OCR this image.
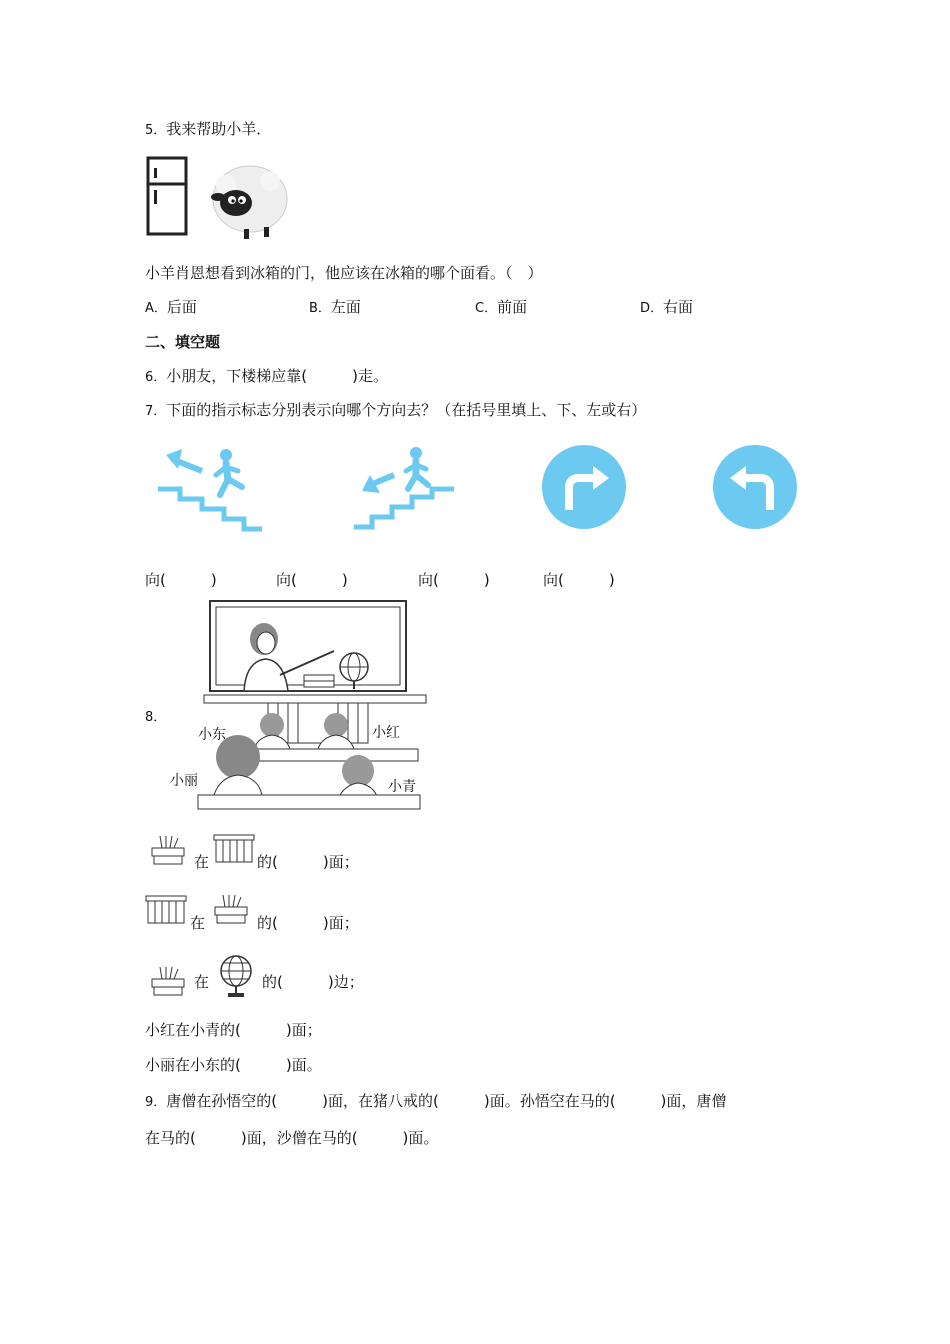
5．我来帮助小羊．
小羊肖恩想看到冰箱的门，他应该在冰箱的哪个面看。（　）
A．后面	B．左面	C．前面	D．右面
二、填空题
6．小朋友，下楼梯应靠(　　　)走。
7．下面的指示标志分别表示向哪个方向去？（在括号里填上、下、左或右）
向(　　　)	向(　　　)	向(　　　)	向(　　　)
8．
小东	小红
小丽	小青
在	的(　　　)面；
在	的(　　　)面；
在	的(　　　)边；
小红在小青的(　　　)面；
小丽在小东的(　　　)面。
9．唐僧在孙悟空的(　　　)面，在猪八戒的(　　　)面。孙悟空在马的(　　　)面，唐僧
在马的(　　　)面，沙僧在马的(　　　)面。
